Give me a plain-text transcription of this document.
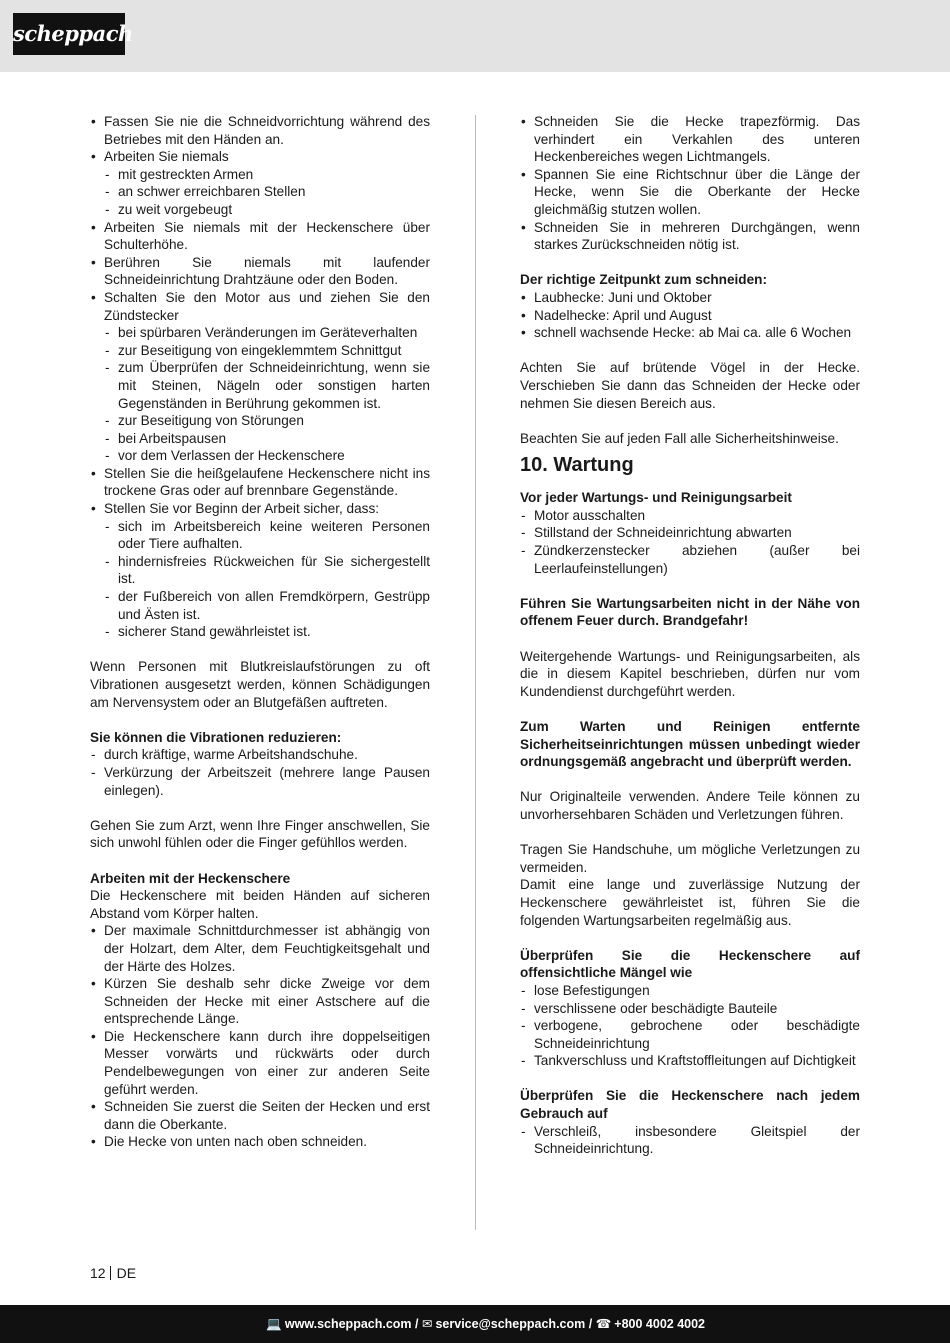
scheppach
• Fassen Sie nie die Schneidvorrichtung während des Betriebes mit den Händen an.
• Arbeiten Sie niemals
- mit gestreckten Armen
- an schwer erreichbaren Stellen
- zu weit vorgebeugt
• Arbeiten Sie niemals mit der Heckenschere über Schulterhöhe.
• Berühren Sie niemals mit laufender Schneideinrichtung Drahtzäune oder den Boden.
• Schalten Sie den Motor aus und ziehen Sie den Zündstecker
- bei spürbaren Veränderungen im Geräteverhalten
- zur Beseitigung von eingeklemmtem Schnittgut
- zum Überprüfen der Schneideinrichtung, wenn sie mit Steinen, Nägeln oder sonstigen harten Gegenständen in Berührung gekommen ist.
- zur Beseitigung von Störungen
- bei Arbeitspausen
- vor dem Verlassen der Heckenschere
• Stellen Sie die heißgelaufene Heckenschere nicht ins trockene Gras oder auf brennbare Gegenstände.
• Stellen Sie vor Beginn der Arbeit sicher, dass:
- sich im Arbeitsbereich keine weiteren Personen oder Tiere aufhalten.
- hindernisfreies Rückweichen für Sie sichergestellt ist.
- der Fußbereich von allen Fremdkörpern, Gestrüpp und Ästen ist.
- sicherer Stand gewährleistet ist.

Wenn Personen mit Blutkreislaufstörungen zu oft Vibrationen ausgesetzt werden, können Schädigungen am Nervensystem oder an Blutgefäßen auftreten.

Sie können die Vibrationen reduzieren:
- durch kräftige, warme Arbeitshandschuhe.
- Verkürzung der Arbeitszeit (mehrere lange Pausen einlegen).

Gehen Sie zum Arzt, wenn Ihre Finger anschwellen, Sie sich unwohl fühlen oder die Finger gefühllos werden.

Arbeiten mit der Heckenschere

Die Heckenschere mit beiden Händen auf sicheren Abstand vom Körper halten.

• Der maximale Schnittdurchmesser ist abhängig von der Holzart, dem Alter, dem Feuchtigkeitsgehalt und der Härte des Holzes.
• Kürzen Sie deshalb sehr dicke Zweige vor dem Schneiden der Hecke mit einer Astschere auf die entsprechende Länge.
• Die Heckenschere kann durch ihre doppelseitigen Messer vorwärts und rückwärts oder durch Pendelbewegungen von einer zur anderen Seite geführt werden.
• Schneiden Sie zuerst die Seiten der Hecken und erst dann die Oberkante.
• Die Hecke von unten nach oben schneiden.
• Schneiden Sie die Hecke trapezförmig. Das verhindert ein Verkahlen des unteren Heckenbereiches wegen Lichtmangels.
• Spannen Sie eine Richtschnur über die Länge der Hecke, wenn Sie die Oberkante der Hecke gleichmäßig stutzen wollen.
• Schneiden Sie in mehreren Durchgängen, wenn starkes Zurückschneiden nötig ist.
Der richtige Zeitpunkt zum schneiden:
• Laubhecke: Juni und Oktober
• Nadelhecke: April und August
• schnell wachsende Hecke: ab Mai ca. alle 6 Wochen

Achten Sie auf brütende Vögel in der Hecke. Verschieben Sie dann das Schneiden der Hecke oder nehmen Sie diesen Bereich aus.

Beachten Sie auf jeden Fall alle Sicherheitshinweise.

10. Wartung
Vor jeder Wartungs- und Reinigungsarbeit
- Motor ausschalten
- Stillstand der Schneideinrichtung abwarten
- Zündkerzenstecker abziehen (außer bei Leerlaufeinstellungen)
Führen Sie Wartungsarbeiten nicht in der Nähe von offenem Feuer durch. Brandgefahr!

Weitergehende Wartungs- und Reinigungsarbeiten, als die in diesem Kapitel beschrieben, dürfen nur vom Kundendienst durchgeführt werden.

Zum Warten und Reinigen entfernte Sicherheitseinrichtungen müssen unbedingt wieder ordnungsgemäß angebracht und überprüft werden.

Nur Originalteile verwenden. Andere Teile können zu unvorhersehbaren Schäden und Verletzungen führen.

Tragen Sie Handschuhe, um mögliche Verletzungen zu vermeiden.

Damit eine lange und zuverlässige Nutzung der Heckenschere gewährleistet ist, führen Sie die folgenden Wartungsarbeiten regelmäßig aus.

Überprüfen Sie die Heckenschere auf offensichtliche Mängel wie
- lose Befestigungen
- verschlissene oder beschädigte Bauteile
- verbogene, gebrochene oder beschädigte Schneideinrichtung
- Tankverschluss und Kraftstoffleitungen auf Dichtigkeit
Überprüfen Sie die Heckenschere nach jedem Gebrauch auf
- Verschleiß, insbesondere Gleitspiel der Schneideinrichtung.
12 DE
💻 www.scheppach.com / ✉ service@scheppach.com / ☎ +800 4002 4002
